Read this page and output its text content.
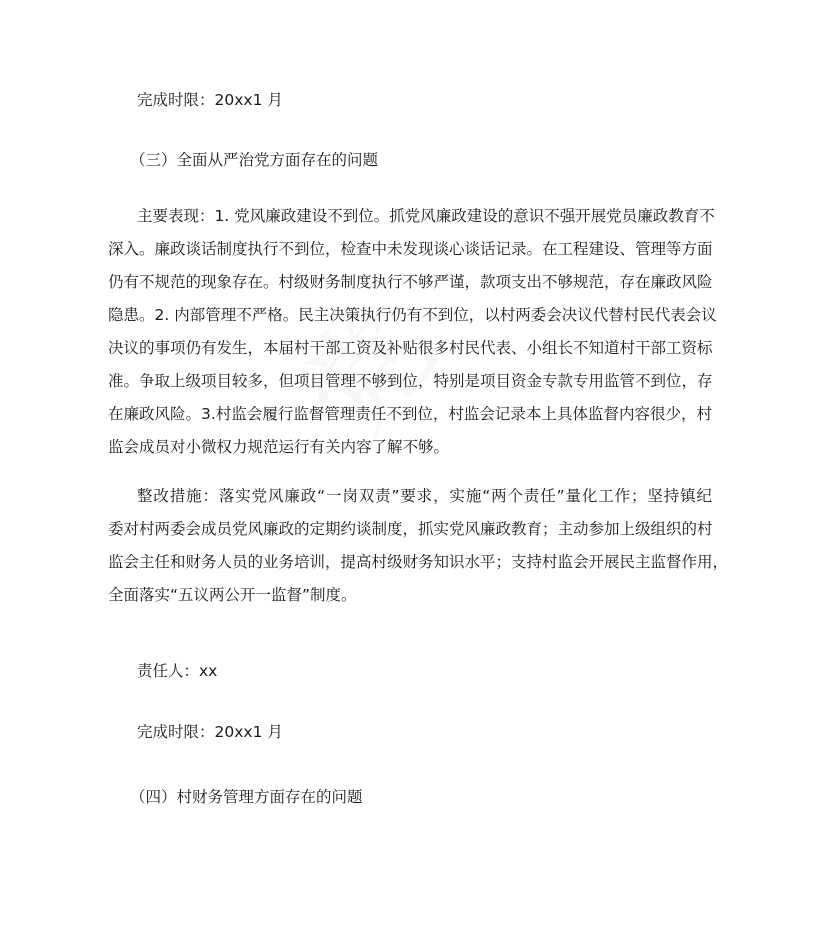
完成时限：20xx1 月
（三）全面从严治党方面存在的问题
主要表现：1. 党风廉政建设不到位。抓党风廉政建设的意识不强开展党员廉政教育不
深入。廉政谈话制度执行不到位，检查中未发现谈心谈话记录。在工程建设、管理等方面
仍有不规范的现象存在。村级财务制度执行不够严谨，款项支出不够规范，存在廉政风险
隐患。2. 内部管理不严格。民主决策执行仍有不到位，以村两委会决议代替村民代表会议
决议的事项仍有发生，本届村干部工资及补贴很多村民代表、小组长不知道村干部工资标
准。争取上级项目较多，但项目管理不够到位，特别是项目资金专款专用监管不到位，存
在廉政风险。3.村监会履行监督管理责任不到位，村监会记录本上具体监督内容很少，村
监会成员对小微权力规范运行有关内容了解不够。
整改措施：落实党风廉政“一岗双责”要求，实施“两个责任”量化工作；坚持镇纪
委对村两委会成员党风廉政的定期约谈制度，抓实党风廉政教育；主动参加上级组织的村
监会主任和财务人员的业务培训，提高村级财务知识水平；支持村监会开展民主监督作用，
全面落实“五议两公开一监督”制度。
责任人：xx
完成时限：20xx1 月
（四）村财务管理方面存在的问题
